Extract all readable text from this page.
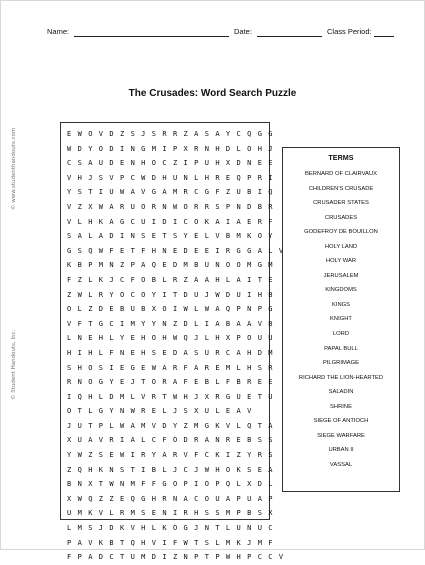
© www.studenthandouts.com
© Student Handouts, Inc.
Name:	Date:	Class Period:
The Crusades: Word Search Puzzle
E W O V D Z S J S R R Z A S A Y C Q G G
W D Y O D I N G M I P X R N H D L O H J
C S A U D E N H O C Z I P U H X D N E E
V H J S V P C W D H U N L H R E Q P R I
Y S T I U W A V G A M R C G F Z U B I Q
V Z X W A R U O R N W O R R S P N D B R
V L H K A G C U I D I C O K A I A E R F
S A L A D I N S E T S Y E L V B M K O Y
G S Q W F E T F H N E D E E I R G G A L V
K B P M N Z P A Q E D M B U N O O M G M
F Z L K J C F O B L R Z A A H L A I T E
Z W L R Y O C O Y I T D U J W D U I H B
O L Z D E B U B X O I W L W A Q P N P G
V F T G C I M Y Y N Z D L I A B A A V B
L N E H L Y E H O H W Q J L H X P O U U
H I H L F N E H S E D A S U R C A H D M
S H O S I E G E W A R F A R E M L H S R
R N O G Y E J T O R A F E B L F B R E E
I Q H L D M L V R T W H J X R G U E T U
O T L G Y N W R E L J S X U L E A V
J U T P L W A M V D Y Z M G K V L Q T A
X U A V R I A L C F O D R A N R E B S S
Y W Z S E W I R Y A R V F C K I Z Y R S
Z Q H K N S T I B L J C J W H O K S E A
B N X T W N M F F G O P I O P Q L X D L
X W Q Z Z E Q G H R N A C O U A P U A P
U M K V L R M S E N I R H S S M P B S X
L M S J D K V H L K O G J N T L U N U C
P A V K B T Q H V I F W T S L M K J M F
F P A D C T U M D I Z N P T P W H P C C V
TERMS
BERNARD OF CLAIRVAUX
CHILDREN'S CRUSADE
CRUSADER STATES
CRUSADES
GODEFROY DE BOUILLON
HOLY LAND
HOLY WAR
JERUSALEM
KINGDOMS
KINGS
KNIGHT
LORD
PAPAL BULL
PILGRIMAGE
RICHARD THE LION-HEARTED
SALADIN
SHRINE
SIEGE OF ANTIOCH
SIEGE WARFARE
URBAN II
VASSAL
